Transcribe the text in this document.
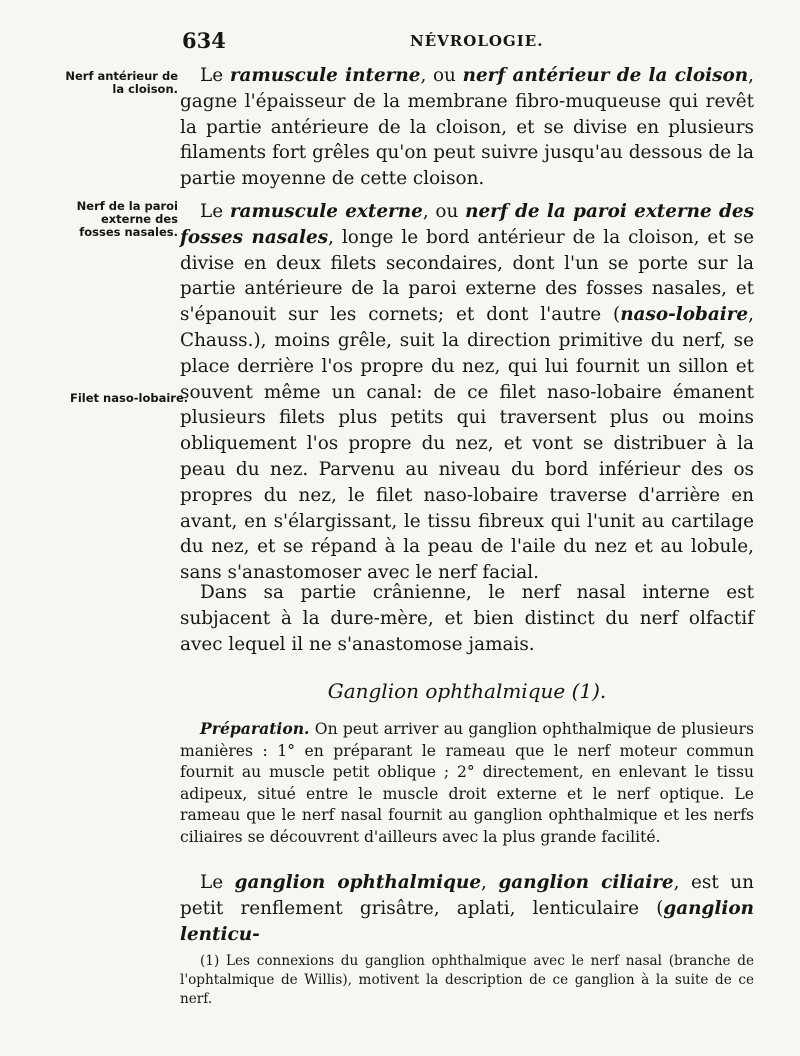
634	NÉVROLOGIE.
Nerf antérieur de la cloison.
Nerf de la paroi externe des fosses nasales.
Filet naso-lobaire.

Le ramuscule interne, ou nerf antérieur de la cloison, gagne l'épaisseur de la membrane fibro-muqueuse qui revêt la partie antérieure de la cloison, et se divise en plusieurs filaments fort grêles qu'on peut suivre jusqu'au dessous de la partie moyenne de cette cloison.

Le ramuscule externe, ou nerf de la paroi externe des fosses nasales, longe le bord antérieur de la cloison, et se divise en deux filets secondaires, dont l'un se porte sur la partie antérieure de la paroi externe des fosses nasales, et s'épanouit sur les cornets; et dont l'autre (naso-lobaire, Chauss.), moins grêle, suit la direction primitive du nerf, se place derrière l'os propre du nez, qui lui fournit un sillon et souvent même un canal: de ce filet naso-lobaire émanent plusieurs filets plus petits qui traversent plus ou moins obliquement l'os propre du nez, et vont se distribuer à la peau du nez. Parvenu au niveau du bord inférieur des os propres du nez, le filet naso-lobaire traverse d'arrière en avant, en s'élargissant, le tissu fibreux qui l'unit au cartilage du nez, et se répand à la peau de l'aile du nez et au lobule, sans s'anastomoser avec le nerf facial.

Dans sa partie crânienne, le nerf nasal interne est subjacent à la dure-mère, et bien distinct du nerf olfactif avec lequel il ne s'anastomose jamais.

Ganglion ophthalmique (1).

Préparation. On peut arriver au ganglion ophthalmique de plusieurs manières : 1° en préparant le rameau que le nerf moteur commun fournit au muscle petit oblique ; 2° directement, en enlevant le tissu adipeux, situé entre le muscle droit externe et le nerf optique. Le rameau que le nerf nasal fournit au ganglion ophthalmique et les nerfs ciliaires se découvrent d'ailleurs avec la plus grande facilité.

Le ganglion ophthalmique, ganglion ciliaire, est un petit renflement grisâtre, aplati, lenticulaire (ganglion lenticu-

(1) Les connexions du ganglion ophthalmique avec le nerf nasal (branche de l'ophtalmique de Willis), motivent la description de ce ganglion à la suite de ce nerf.
